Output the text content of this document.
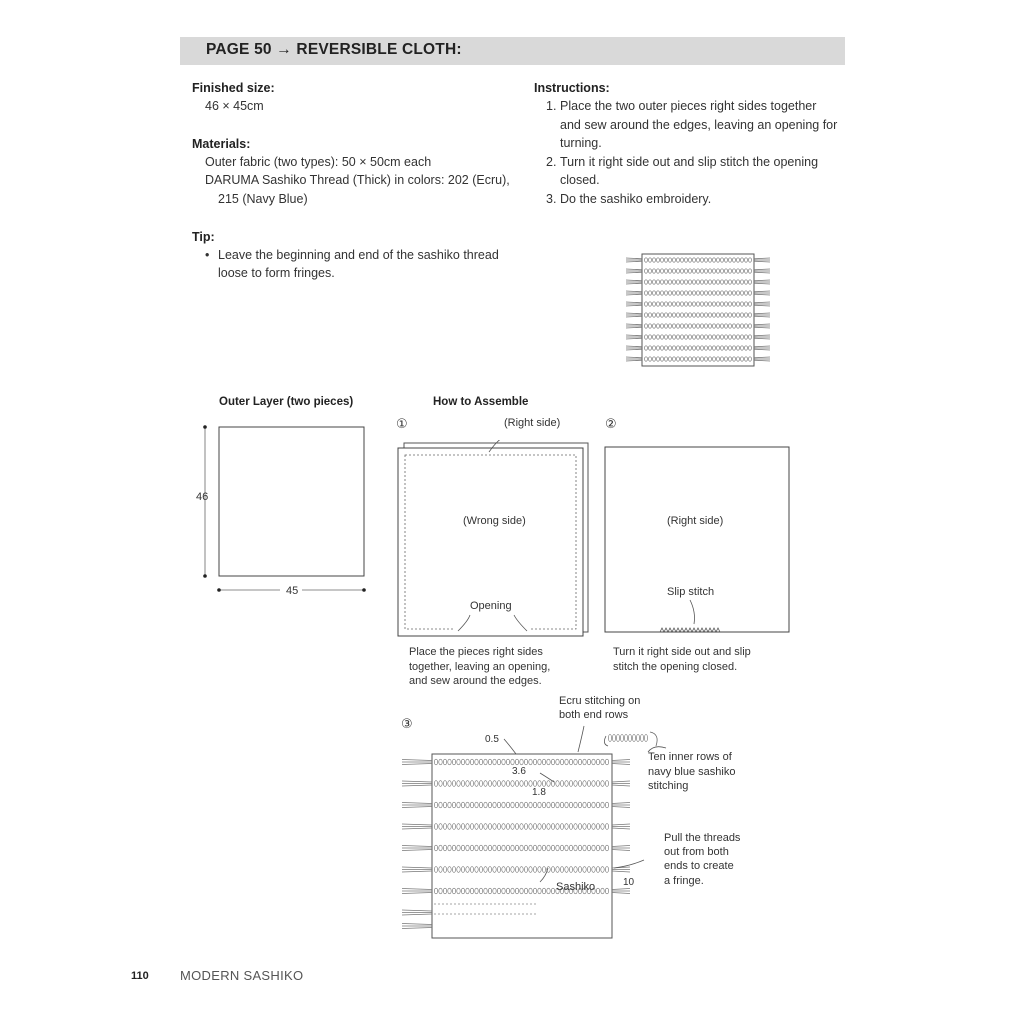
PAGE 50 → REVERSIBLE CLOTH:
Finished size:
46 × 45cm
Materials:
Outer fabric (two types): 50 × 50cm each
DARUMA Sashiko Thread (Thick) in colors: 202 (Ecru),
215 (Navy Blue)
Tip:
• Leave the beginning and end of the sashiko thread
loose to form fringes.
Instructions:
1. Place the two outer pieces right sides together
and sew around the edges, leaving an opening for
turning.
2. Turn it right side out and slip stitch the opening
closed.
3. Do the sashiko embroidery.
Outer Layer (two pieces)
46
45
How to Assemble
①	(Right side)
(Wrong side)
Opening
Place the pieces right sides
together, leaving an opening,
and sew around the edges.
②
(Right side)
Slip stitch
Turn it right side out and slip
stitch the opening closed.
③
Ecru stitching on
both end rows
0.5
3.6
1.8
10
Sashiko
Ten inner rows of
navy blue sashiko
stitching
Pull the threads
out from both
ends to create
a fringe.
110 MODERN SASHIKO
